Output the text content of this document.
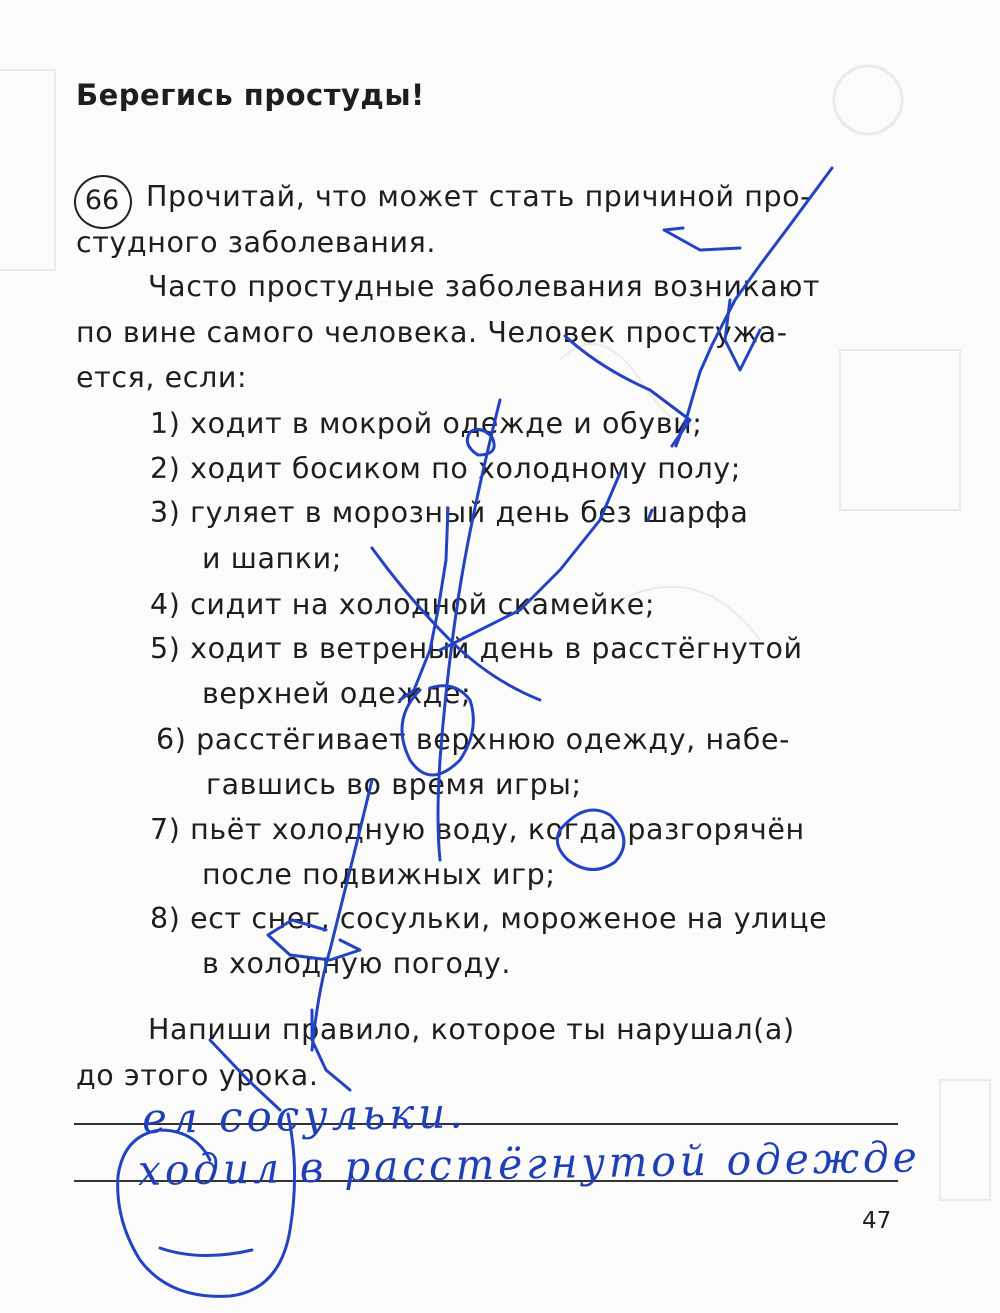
Берегись простуды!
66 Прочитай, что может стать причиной про-
студного заболевания.
Часто простудные заболевания возникают
по вине самого человека. Человек простужа-
ется, если:
1) ходит в мокрой одежде и обуви;
2) ходит босиком по холодному полу;
3) гуляет в морозный день без шарфа
и шапки;
4) сидит на холодной скамейке;
5) ходит в ветреный день в расстёгнутой
верхней одежде;
6) расстёгивает верхнюю одежду, набе-
гавшись во время игры;
7) пьёт холодную воду, когда разгорячён
после подвижных игр;
8) ест снег, сосульки, мороженое на улице
в холодную погоду.
Напиши правило, которое ты нарушал(а)
до этого урока.
ел сосульки.
ходил в расстёгнутой одежде
47
